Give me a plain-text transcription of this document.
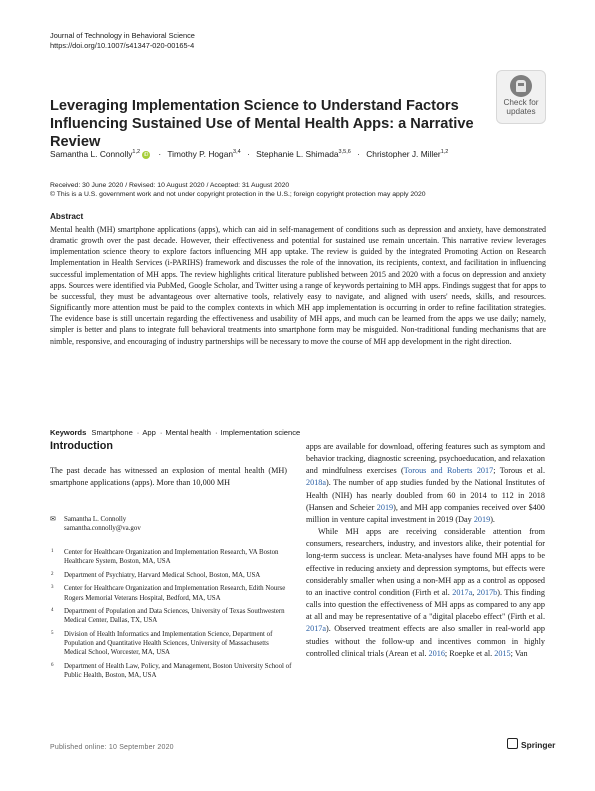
Journal of Technology in Behavioral Science
https://doi.org/10.1007/s41347-020-00165-4
Check for
updates
Leveraging Implementation Science to Understand Factors Influencing Sustained Use of Mental Health Apps: a Narrative Review
Samantha L. Connolly$^{1,2}$ iD · Timothy P. Hogan$^{3,4}$ · Stephanie L. Shimada$^{3,5,6}$ · Christopher J. Miller$^{1,2}$
Received: 30 June 2020 / Revised: 10 August 2020 / Accepted: 31 August 2020
© This is a U.S. government work and not under copyright protection in the U.S.; foreign copyright protection may apply 2020
Abstract
Mental health (MH) smartphone applications (apps), which can aid in self-management of conditions such as depression and anxiety, have demonstrated dramatic growth over the past decade. However, their effectiveness and potential for sustained use remain uncertain. This narrative review leverages implementation science theory to explore factors influencing MH app uptake. The review is guided by the integrated Promoting Action on Research Implementation in Health Services (i-PARIHS) framework and discusses the role of the innovation, its recipients, context, and facilitation in influencing successful implementation of MH apps. The review highlights critical literature published between 2015 and 2020 with a focus on depression and anxiety apps. Sources were identified via PubMed, Google Scholar, and Twitter using a range of keywords pertaining to MH apps. Findings suggest that for apps to be successful, they must be advantageous over alternative tools, relatively easy to navigate, and aligned with users' needs, skills, and resources. Significantly more attention must be paid to the complex contexts in which MH app implementation is occurring in order to refine facilitation strategies. The evidence base is still uncertain regarding the effectiveness and usability of MH apps, and much can be learned from the apps we use daily; namely, simpler is better and plans to integrate full behavioral treatments into smartphone form may be misguided. Non-traditional funding mechanisms that are nimble, responsive, and encouraging of industry partnerships will be necessary to move the course of MH app development in the right direction.
Keywords Smartphone · App · Mental health · Implementation science
Introduction
The past decade has witnessed an explosion of mental health (MH) smartphone applications (apps). More than 10,000 MH
✉ Samantha L. Connolly
samantha.connolly@va.gov
1 Center for Healthcare Organization and Implementation Research, VA Boston Healthcare System, Boston, MA, USA
2 Department of Psychiatry, Harvard Medical School, Boston, MA, USA
3 Center for Healthcare Organization and Implementation Research, Edith Nourse Rogers Memorial Veterans Hospital, Bedford, MA, USA
4 Department of Population and Data Sciences, University of Texas Southwestern Medical Center, Dallas, TX, USA
5 Division of Health Informatics and Implementation Science, Department of Population and Quantitative Health Sciences, University of Massachusetts Medical School, Worcester, MA, USA
6 Department of Health Law, Policy, and Management, Boston University School of Public Health, Boston, MA, USA

apps are available for download, offering features such as symptom and behavior tracking, diagnostic screening, psychoeducation, and relaxation and mindfulness exercises (Torous and Roberts 2017; Torous et al. 2018a). The number of app studies funded by the National Institutes of Health (NIH) has nearly doubled from 60 in 2014 to 112 in 2018 (Hansen and Scheier 2019), and MH app companies received over $400 million in venture capital investment in 2019 (Day 2019).

While MH apps are receiving considerable attention from consumers, researchers, industry, and investors alike, their potential for long-term success is unclear. Meta-analyses have found MH apps to be effective in reducing anxiety and depression symptoms, but effects were considerably smaller when using a non-MH app as a control as opposed to an inactive control condition (Firth et al. 2017a, 2017b). This finding calls into question the effectiveness of MH apps as compared to any app at all and may be representative of a "digital placebo effect" (Firth et al. 2017a). Observed treatment effects are also smaller in real-world app studies without the follow-up and incentives common in highly controlled clinical trials (Arean et al. 2016; Roepke et al. 2015; Van

Published online: 10 September 2020	Springer
